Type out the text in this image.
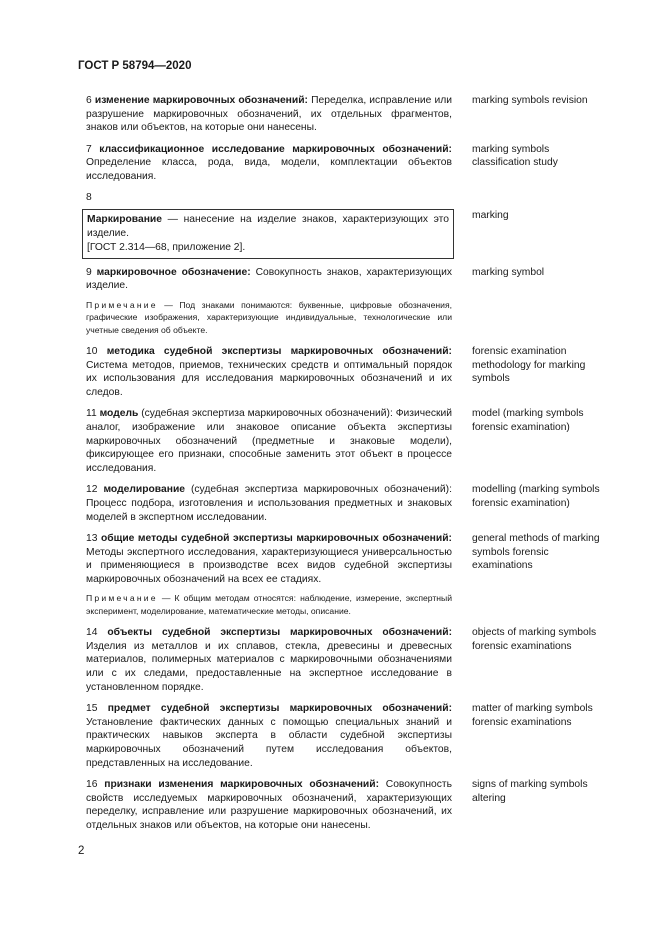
ГОСТ Р 58794—2020
6 изменение маркировочных обозначений: Переделка, исправление или разрушение маркировочных обозначений, их отдельных фрагментов, знаков или объектов, на которые они нанесены.
marking symbols revision
7 классификационное исследование маркировочных обозначений: Определение класса, рода, вида, модели, комплектации объектов исследования.
marking symbols classification study
8

Маркирование — нанесение на изделие знаков, характеризующих это изделие.

[ГОСТ 2.314—68, приложение 2].

marking
9 маркировочное обозначение: Совокупность знаков, характеризующих изделие.
marking symbol
Примечание — Под знаками понимаются: буквенные, цифровые обозначения, графические изображения, характеризующие индивидуальные, технологические или учетные сведения об объекте.
10 методика судебной экспертизы маркировочных обозначений: Система методов, приемов, технических средств и оптимальный порядок их использования для исследования маркировочных обозначений и их следов.
forensic examination methodology for marking symbols
11 модель (судебная экспертиза маркировочных обозначений): Физический аналог, изображение или знаковое описание объекта экспертизы маркировочных обозначений (предметные и знаковые модели), фиксирующее его признаки, способные заменить этот объект в процессе исследования.
model (marking symbols forensic examination)
12 моделирование (судебная экспертиза маркировочных обозначений): Процесс подбора, изготовления и использования предметных и знаковых моделей в экспертном исследовании.
modelling (marking symbols forensic examination)
13 общие методы судебной экспертизы маркировочных обозначений: Методы экспертного исследования, характеризующиеся универсальностью и применяющиеся в производстве всех видов судебной экспертизы маркировочных обозначений на всех ее стадиях.
general methods of marking symbols forensic examinations
Примечание — К общим методам относятся: наблюдение, измерение, экспертный эксперимент, моделирование, математические методы, описание.
14 объекты судебной экспертизы маркировочных обозначений: Изделия из металлов и их сплавов, стекла, древесины и древесных материалов, полимерных материалов с маркировочными обозначениями или с их следами, предоставленные на экспертное исследование в установленном порядке.
objects of marking symbols forensic examinations
15 предмет судебной экспертизы маркировочных обозначений: Установление фактических данных с помощью специальных знаний и практических навыков эксперта в области судебной экспертизы маркировочных обозначений путем исследования объектов, представленных на исследование.
matter of marking symbols forensic examinations
16 признаки изменения маркировочных обозначений: Совокупность свойств исследуемых маркировочных обозначений, характеризующих переделку, исправление или разрушение маркировочных обозначений, их отдельных знаков или объектов, на которые они нанесены.
signs of marking symbols altering
2
